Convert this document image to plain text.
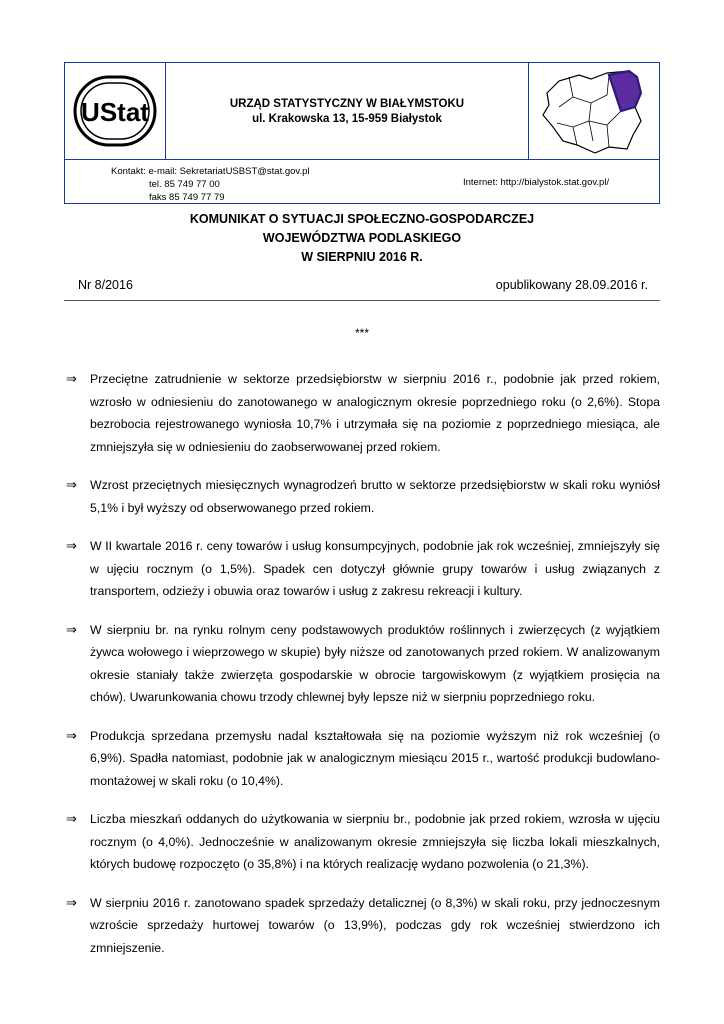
UStat	URZĄD STATYSTYCZNY W BIAŁYMSTOKU
ul. Krakowska 13, 15-959 Białystok
Kontakt: e-mail: SekretariatUSBST@stat.gov.pl
tel. 85 749 77 00
faks 85 749 77 79
Internet: http://bialystok.stat.gov.pl/
KOMUNIKAT O SYTUACJI SPOŁECZNO-GOSPODARCZEJ
WOJEWÓDZTWA PODLASKIEGO
W SIERPNIU 2016 R.
Nr 8/2016	opublikowany 28.09.2016 r.
***
⇒ Przeciętne zatrudnienie w sektorze przedsiębiorstw w sierpniu 2016 r., podobnie jak przed rokiem, wzrosło w odniesieniu do zanotowanego w analogicznym okresie poprzedniego roku (o 2,6%). Stopa bezrobocia rejestrowanego wyniosła 10,7% i utrzymała się na poziomie z poprzedniego miesiąca, ale zmniejszyła się w odniesieniu do zaobserwowanej przed rokiem.
⇒ Wzrost przeciętnych miesięcznych wynagrodzeń brutto w sektorze przedsiębiorstw w skali roku wyniósł 5,1% i był wyższy od obserwowanego przed rokiem.
⇒ W II kwartale 2016 r. ceny towarów i usług konsumpcyjnych, podobnie jak rok wcześniej, zmniejszyły się w ujęciu rocznym (o 1,5%). Spadek cen dotyczył głównie grupy towarów i usług związanych z transportem, odzieży i obuwia oraz towarów i usług z zakresu rekreacji i kultury.
⇒ W sierpniu br. na rynku rolnym ceny podstawowych produktów roślinnych i zwierzęcych (z wyjątkiem żywca wołowego i wieprzowego w skupie) były niższe od zanotowanych przed rokiem. W analizowanym okresie staniały także zwierzęta gospodarskie w obrocie targowiskowym (z wyjątkiem prosięcia na chów). Uwarunkowania chowu trzody chlewnej były lepsze niż w sierpniu poprzedniego roku.
⇒ Produkcja sprzedana przemysłu nadal kształtowała się na poziomie wyższym niż rok wcześniej (o 6,9%). Spadła natomiast, podobnie jak w analogicznym miesiącu 2015 r., wartość produkcji budowlano-montażowej w skali roku (o 10,4%).
⇒ Liczba mieszkań oddanych do użytkowania w sierpniu br., podobnie jak przed rokiem, wzrosła w ujęciu rocznym (o 4,0%). Jednocześnie w analizowanym okresie zmniejszyła się liczba lokali mieszkalnych, których budowę rozpoczęto (o 35,8%) i na których realizację wydano pozwolenia (o 21,3%).
⇒ W sierpniu 2016 r. zanotowano spadek sprzedaży detalicznej (o 8,3%) w skali roku, przy jednoczesnym wzroście sprzedaży hurtowej towarów (o 13,9%), podczas gdy rok wcześniej stwierdzono ich zmniejszenie.
